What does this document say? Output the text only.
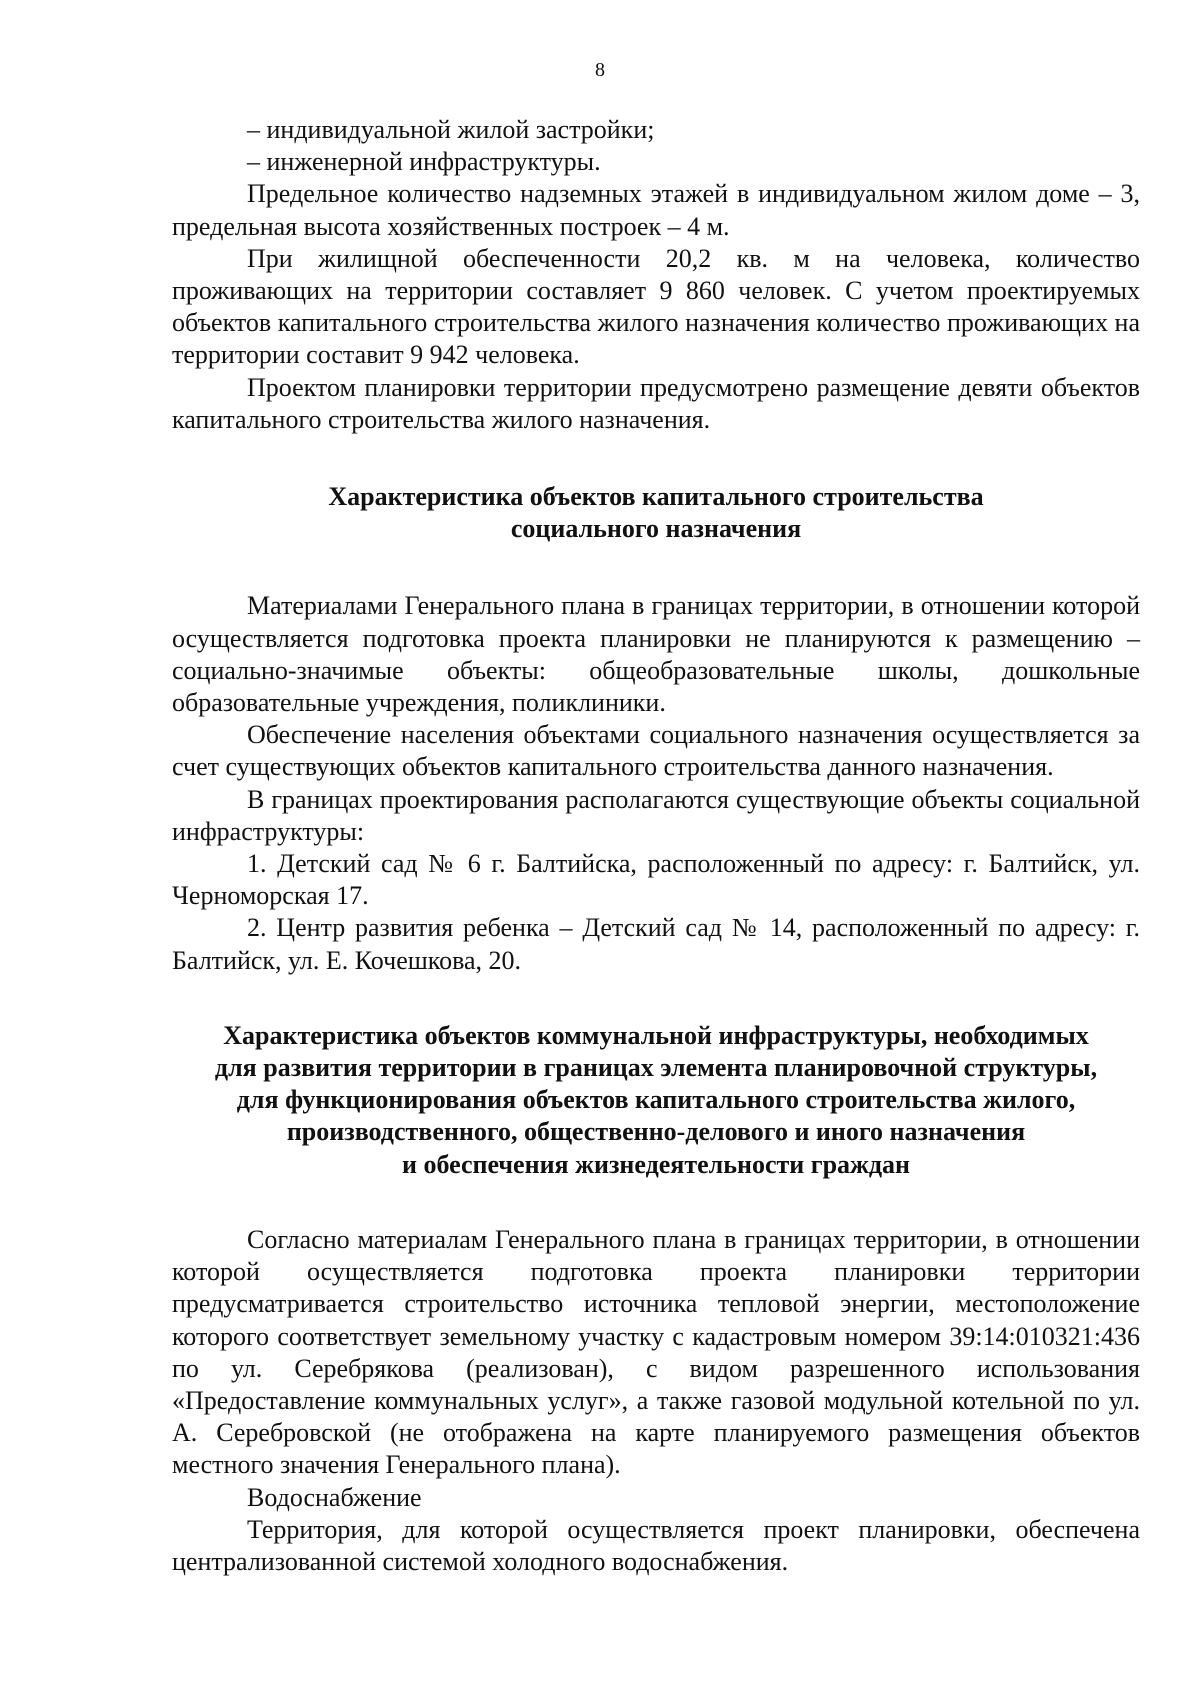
8

– индивидуальной жилой застройки;

– инженерной инфраструктуры.

Предельное количество надземных этажей в индивидуальном жилом доме – 3, предельная высота хозяйственных построек – 4 м.

При жилищной обеспеченности 20,2 кв. м на человека, количество проживающих на территории составляет 9 860 человек. С учетом проектируемых объектов капитального строительства жилого назначения количество проживающих на территории составит 9 942 человека.

Проектом планировки территории предусмотрено размещение девяти объектов капитального строительства жилого назначения.

Характеристика объектов капитального строительства
социального назначения

Материалами Генерального плана в границах территории, в отношении которой осуществляется подготовка проекта планировки не планируются к размещению – социально-значимые объекты: общеобразовательные школы, дошкольные образовательные учреждения, поликлиники.

Обеспечение населения объектами социального назначения осуществляется за счет существующих объектов капитального строительства данного назначения.

В границах проектирования располагаются существующие объекты социальной инфраструктуры:

1. Детский сад № 6 г. Балтийска, расположенный по адресу: г. Балтийск, ул. Черноморская 17.

2. Центр развития ребенка – Детский сад № 14, расположенный по адресу: г. Балтийск, ул. Е. Кочешкова, 20.

Характеристика объектов коммунальной инфраструктуры, необходимых
для развития территории в границах элемента планировочной структуры,
для функционирования объектов капитального строительства жилого,
производственного, общественно-делового и иного назначения
и обеспечения жизнедеятельности граждан

Согласно материалам Генерального плана в границах территории, в отношении которой осуществляется подготовка проекта планировки территории предусматривается строительство источника тепловой энергии, местоположение которого соответствует земельному участку с кадастровым номером 39:14:010321:436 по ул. Серебрякова (реализован), с видом разрешенного использования «Предоставление коммунальных услуг», а также газовой модульной котельной по ул. А. Серебровской (не отображена на карте планируемого размещения объектов местного значения Генерального плана).

Водоснабжение

Территория, для которой осуществляется проект планировки, обеспечена централизованной системой холодного водоснабжения.
